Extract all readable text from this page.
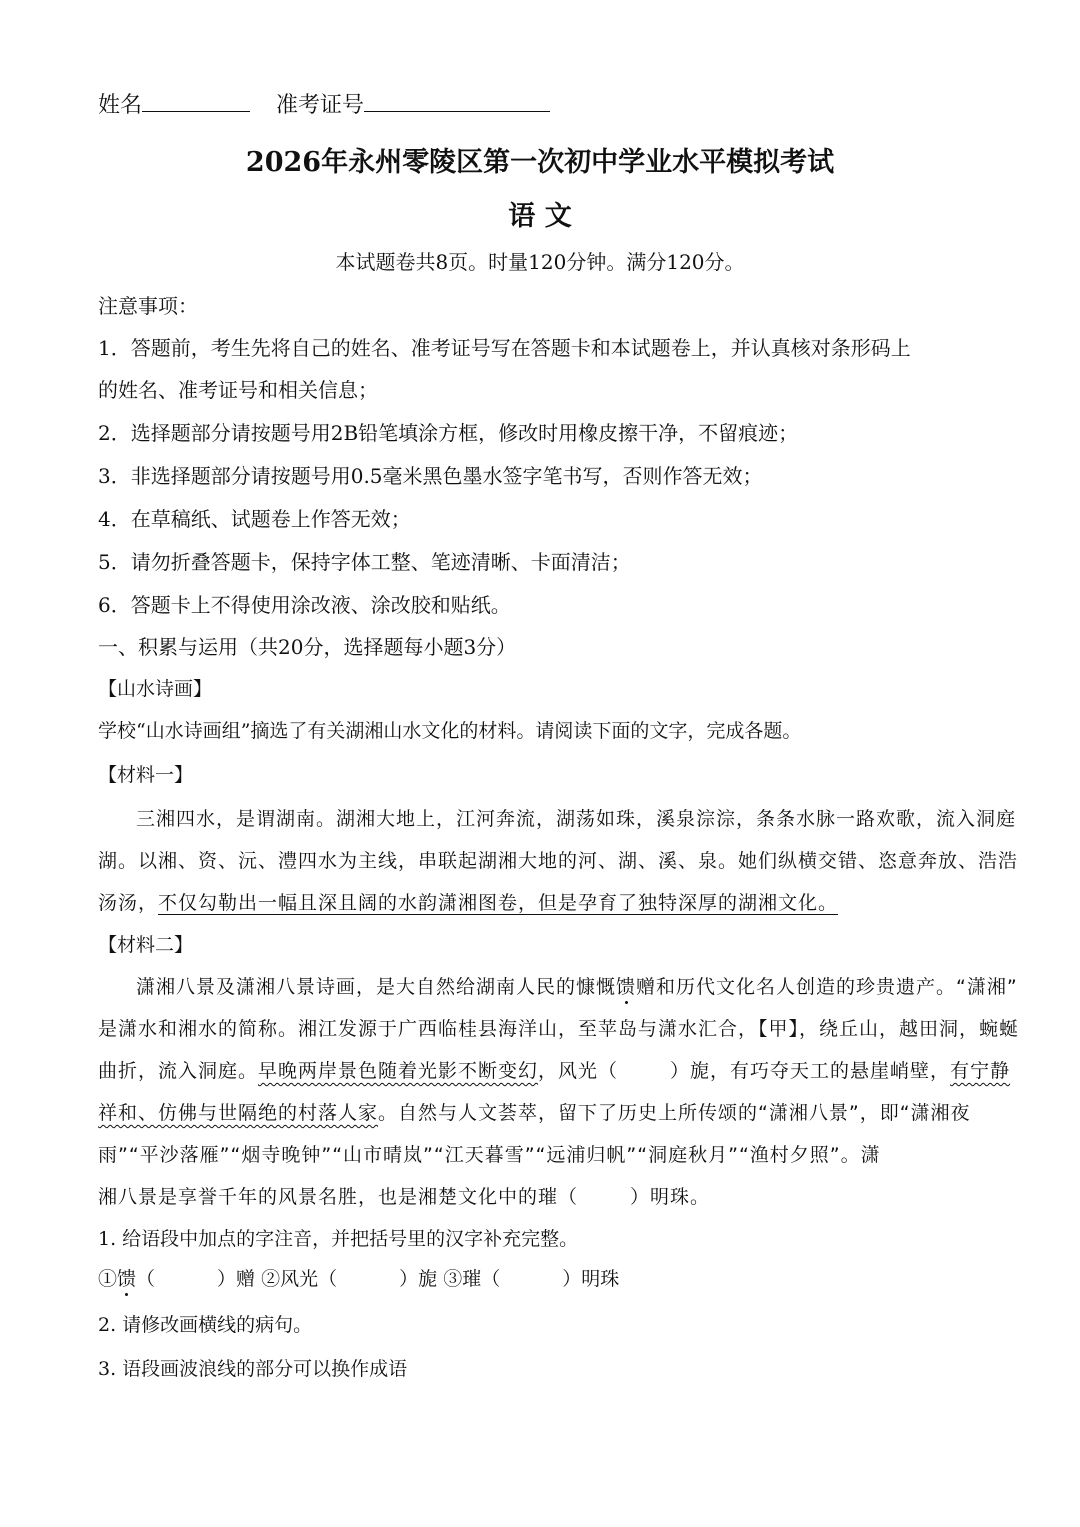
姓名	准考证号
2026年永州零陵区第一次初中学业水平模拟考试
语 文
本试题卷共8页。时量120分钟。满分120分。
注意事项：
1．答题前，考生先将自己的姓名、准考证号写在答题卡和本试题卷上，并认真核对条形码上
的姓名、准考证号和相关信息；
2．选择题部分请按题号用2B铅笔填涂方框，修改时用橡皮擦干净，不留痕迹；
3．非选择题部分请按题号用0.5毫米黑色墨水签字笔书写，否则作答无效；
4．在草稿纸、试题卷上作答无效；
5．请勿折叠答题卡，保持字体工整、笔迹清晰、卡面清洁；
6．答题卡上不得使用涂改液、涂改胶和贴纸。
一、积累与运用（共20分，选择题每小题3分）
【山水诗画】
学校“山水诗画组”摘选了有关湖湘山水文化的材料。请阅读下面的文字，完成各题。
【材料一】
三湘四水，是谓湖南。湖湘大地上，江河奔流，湖荡如珠，溪泉淙淙，条条水脉一路欢歌，流入洞庭
湖。以湘、资、沅、澧四水为主线，串联起湖湘大地的河、湖、溪、泉。她们纵横交错、恣意奔放、浩浩
汤汤，不仅勾勒出一幅且深且阔的水韵潇湘图卷，但是孕育了独特深厚的湖湘文化。
【材料二】
潇湘八景及潇湘八景诗画，是大自然给湖南人民的慷慨馈赠和历代文化名人创造的珍贵遗产。“潇湘”
是潇水和湘水的简称。湘江发源于广西临桂县海洋山，至苹岛与潇水汇合，【甲】，绕丘山，越田洞，蜿蜒
曲折，流入洞庭。早晚两岸景色随着光影不断变幻，风光（	）旎，有巧夺天工的悬崖峭壁，有宁静
祥和、仿佛与世隔绝的村落人家。自然与人文荟萃，留下了历史上所传颂的“潇湘八景”，即“潇湘夜
雨”“平沙落雁”“烟寺晚钟”“山市晴岚”“江天暮雪”“远浦归帆”“洞庭秋月”“渔村夕照”。潇
湘八景是享誉千年的风景名胜，也是湘楚文化中的璀（	）明珠。
1. 给语段中加点的字注音，并把括号里的汉字补充完整。
①馈（	）赠 ②风光（	）旎 ③璀（	）明珠
2. 请修改画横线的病句。
3. 语段画波浪线的部分可以换作成语
